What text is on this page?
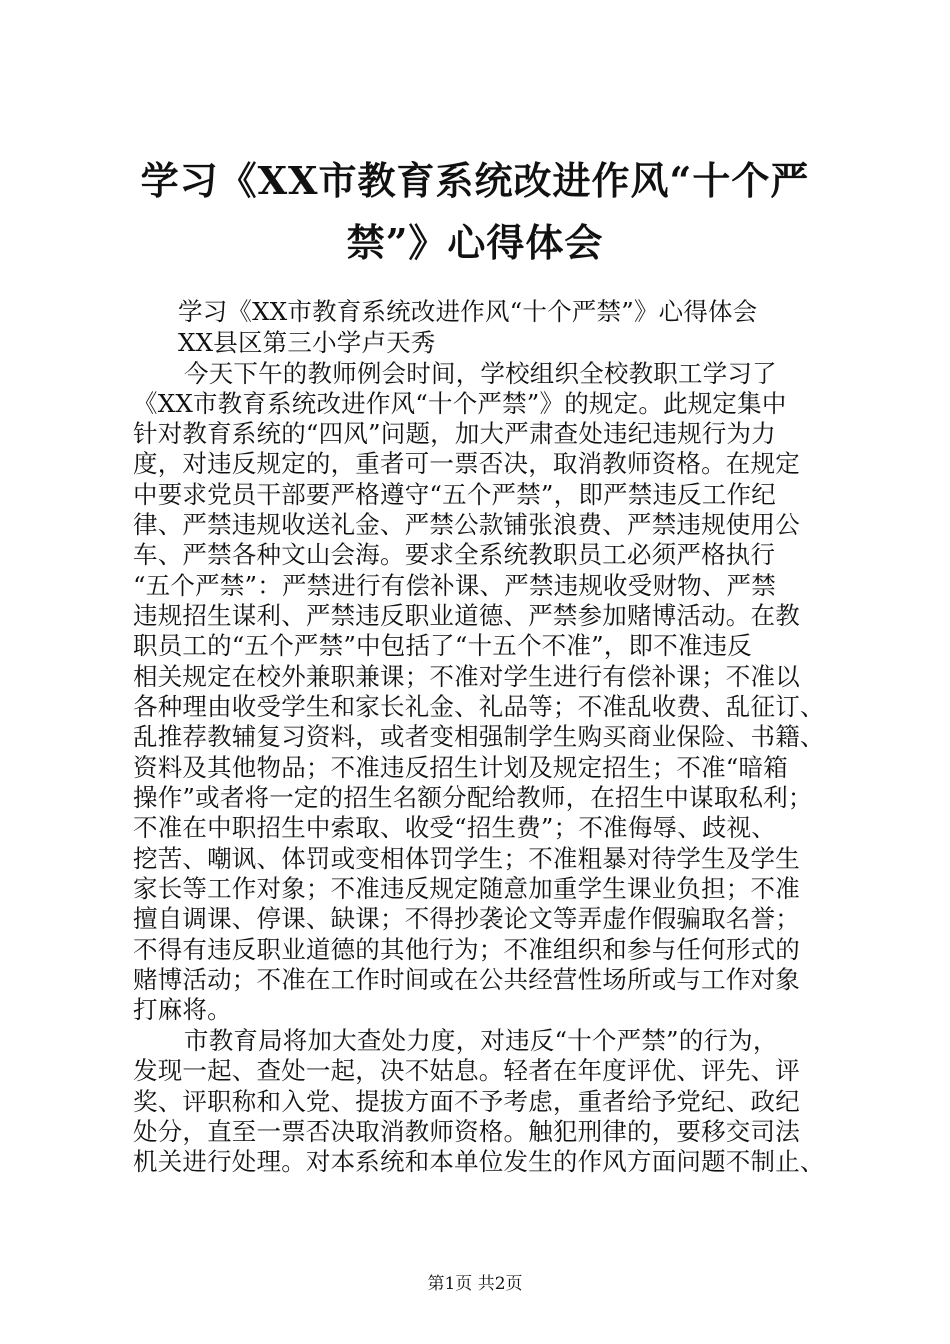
学习《XX市教育系统改进作风“十个严
禁”》心得体会
学习《XX市教育系统改进作风“十个严禁”》心得体会
XX县区第三小学卢天秀
今天下午的教师例会时间，学校组织全校教职工学习了
《XX市教育系统改进作风“十个严禁”》的规定。此规定集中
针对教育系统的“四风”问题，加大严肃查处违纪违规行为力
度，对违反规定的，重者可一票否决，取消教师资格。在规定
中要求党员干部要严格遵守“五个严禁”，即严禁违反工作纪
律、严禁违规收送礼金、严禁公款铺张浪费、严禁违规使用公
车、严禁各种文山会海。要求全系统教职员工必须严格执行
“五个严禁”：严禁进行有偿补课、严禁违规收受财物、严禁
违规招生谋利、严禁违反职业道德、严禁参加赌博活动。在教
职员工的“五个严禁”中包括了“十五个不准”，即不准违反
相关规定在校外兼职兼课；不准对学生进行有偿补课；不准以
各种理由收受学生和家长礼金、礼品等；不准乱收费、乱征订、
乱推荐教辅复习资料，或者变相强制学生购买商业保险、书籍、
资料及其他物品；不准违反招生计划及规定招生；不准“暗箱
操作”或者将一定的招生名额分配给教师，在招生中谋取私利；
不准在中职招生中索取、收受“招生费”；不准侮辱、歧视、
挖苦、嘲讽、体罚或变相体罚学生；不准粗暴对待学生及学生
家长等工作对象；不准违反规定随意加重学生课业负担；不准
擅自调课、停课、缺课；不得抄袭论文等弄虚作假骗取名誉；
不得有违反职业道德的其他行为；不准组织和参与任何形式的
赌博活动；不准在工作时间或在公共经营性场所或与工作对象
打麻将。
市教育局将加大查处力度，对违反“十个严禁”的行为，
发现一起、查处一起，决不姑息。轻者在年度评优、评先、评
奖、评职称和入党、提拔方面不予考虑，重者给予党纪、政纪
处分，直至一票否决取消教师资格。触犯刑律的，要移交司法
机关进行处理。对本系统和本单位发生的作风方面问题不制止、
第1页 共2页
